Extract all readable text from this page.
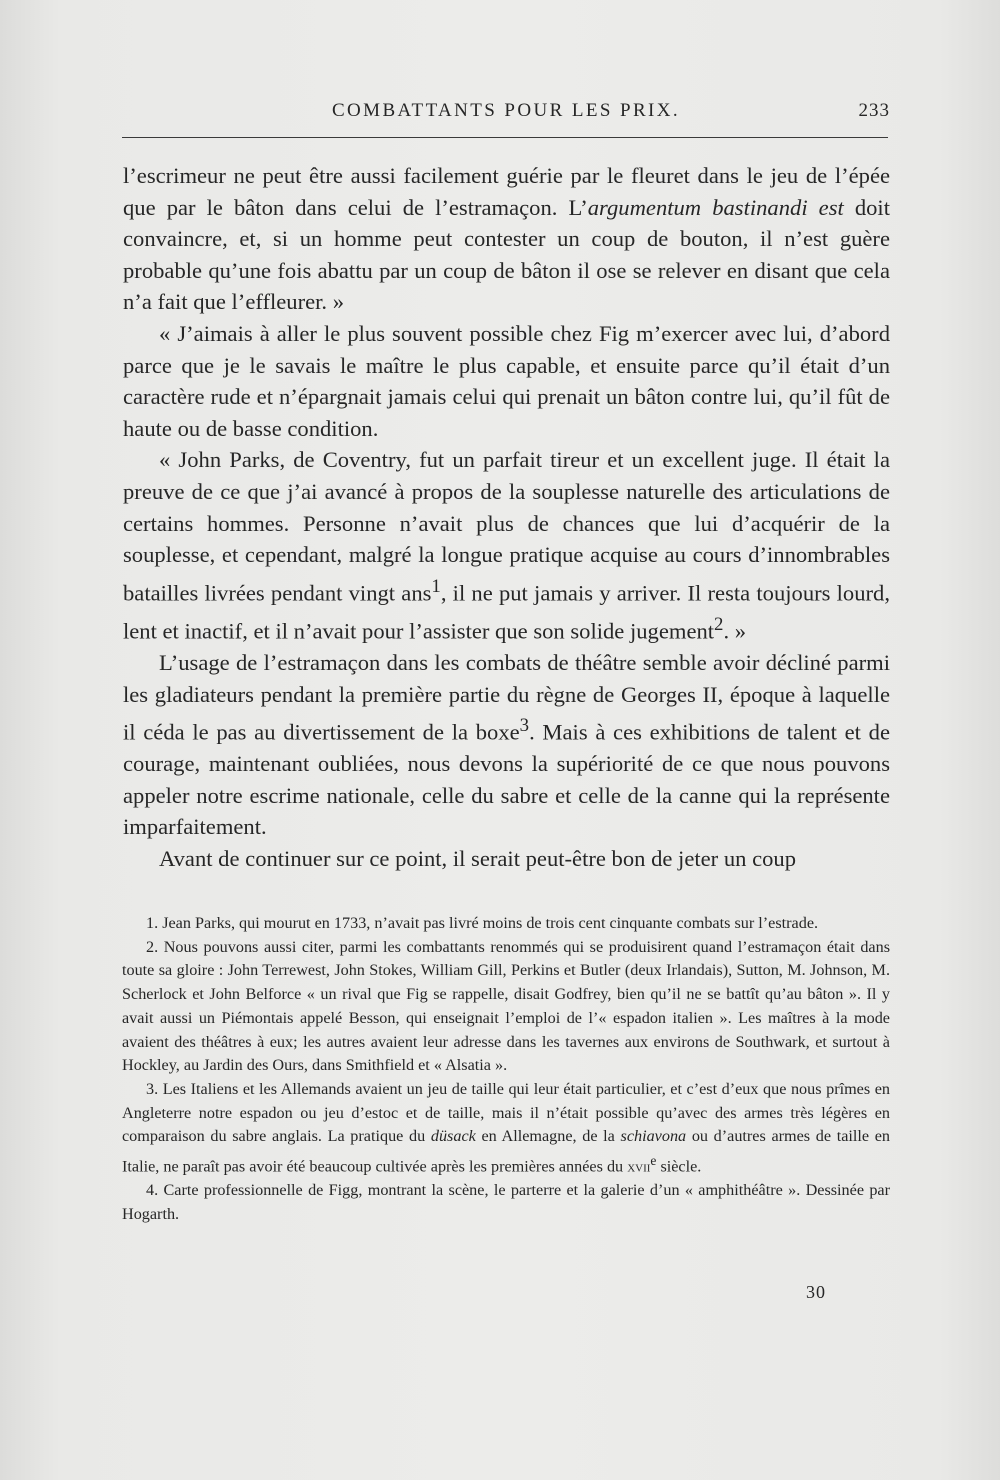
COMBATTANTS POUR LES PRIX.	233

l’escrimeur ne peut être aussi facilement guérie par le fleuret dans le jeu de l’épée que par le bâton dans celui de l’estramaçon. L’argumentum bastinandi est doit convaincre, et, si un homme peut contester un coup de bouton, il n’est guère probable qu’une fois abattu par un coup de bâton il ose se relever en disant que cela n’a fait que l’effleurer. »

« J’aimais à aller le plus souvent possible chez Fig m’exercer avec lui, d’abord parce que je le savais le maître le plus capable, et ensuite parce qu’il était d’un caractère rude et n’épargnait jamais celui qui prenait un bâton contre lui, qu’il fût de haute ou de basse condition.

« John Parks, de Coventry, fut un parfait tireur et un excellent juge. Il était la preuve de ce que j’ai avancé à propos de la souplesse naturelle des articulations de certains hommes. Personne n’avait plus de chances que lui d’acquérir de la souplesse, et cependant, malgré la longue pratique acquise au cours d’innombrables batailles livrées pendant vingt ans$^1$, il ne put jamais y arriver. Il resta toujours lourd, lent et inactif, et il n’avait pour l’assister que son solide jugement$^2$. »

L’usage de l’estramaçon dans les combats de théâtre semble avoir décliné parmi les gladiateurs pendant la première partie du règne de Georges II, époque à laquelle il céda le pas au divertissement de la boxe$^3$. Mais à ces exhibitions de talent et de courage, maintenant oubliées, nous devons la supériorité de ce que nous pouvons appeler notre escrime nationale, celle du sabre et celle de la canne qui la représente imparfaitement.

Avant de continuer sur ce point, il serait peut-être bon de jeter un coup

1. Jean Parks, qui mourut en 1733, n’avait pas livré moins de trois cent cinquante combats sur l’estrade.

2. Nous pouvons aussi citer, parmi les combattants renommés qui se produisirent quand l’estramaçon était dans toute sa gloire : John Terrewest, John Stokes, William Gill, Perkins et Butler (deux Irlandais), Sutton, M. Johnson, M. Scherlock et John Belforce « un rival que Fig se rappelle, disait Godfrey, bien qu’il ne se battît qu’au bâton ». Il y avait aussi un Piémontais appelé Besson, qui enseignait l’emploi de l’« espadon italien ». Les maîtres à la mode avaient des théâtres à eux; les autres avaient leur adresse dans les tavernes aux environs de Southwark, et surtout à Hockley, au Jardin des Ours, dans Smithfield et « Alsatia ».

3. Les Italiens et les Allemands avaient un jeu de taille qui leur était particulier, et c’est d’eux que nous prîmes en Angleterre notre espadon ou jeu d’estoc et de taille, mais il n’était possible qu’avec des armes très légères en comparaison du sabre anglais. La pratique du düsack en Allemagne, de la schiavona ou d’autres armes de taille en Italie, ne paraît pas avoir été beaucoup cultivée après les premières années du xvii$^e$ siècle.

4. Carte professionnelle de Figg, montrant la scène, le parterre et la galerie d’un « amphithéâtre ». Dessinée par Hogarth.

30
